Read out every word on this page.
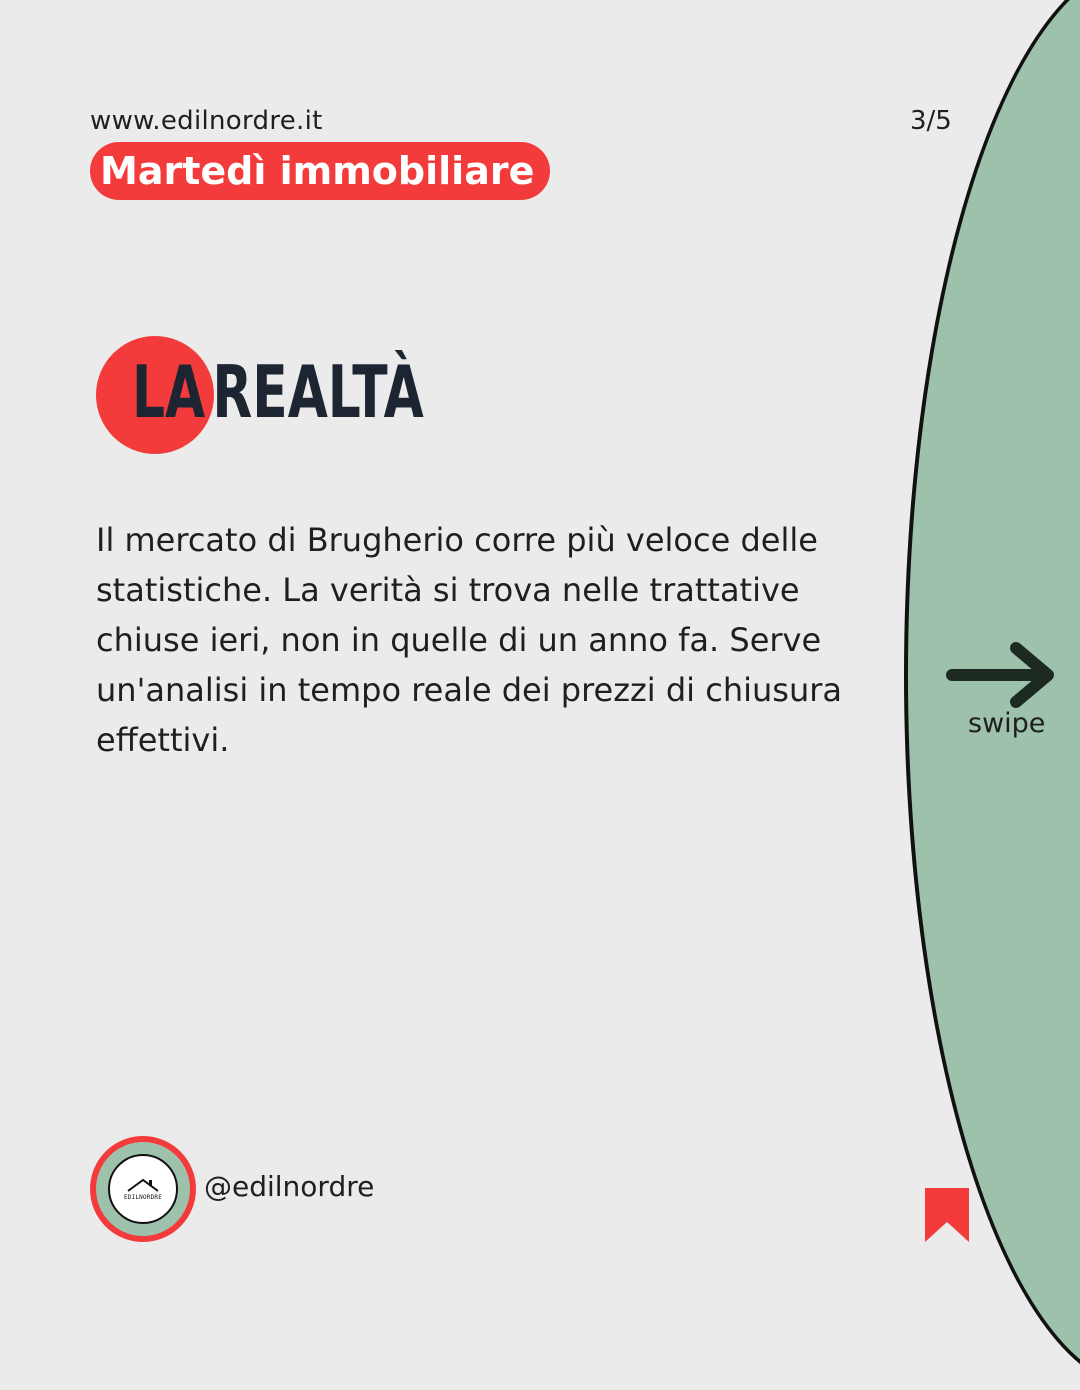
www.edilnordre.it	3/5
Martedì immobiliare
LA REALTÀ

Il mercato di Brugherio corre più veloce delle statistiche. La verità si trova nelle trattative chiuse ieri, non in quelle di un anno fa. Serve un'analisi in tempo reale dei prezzi di chiusura effettivi.	swipe
EDILNORDRE @edilnordre
